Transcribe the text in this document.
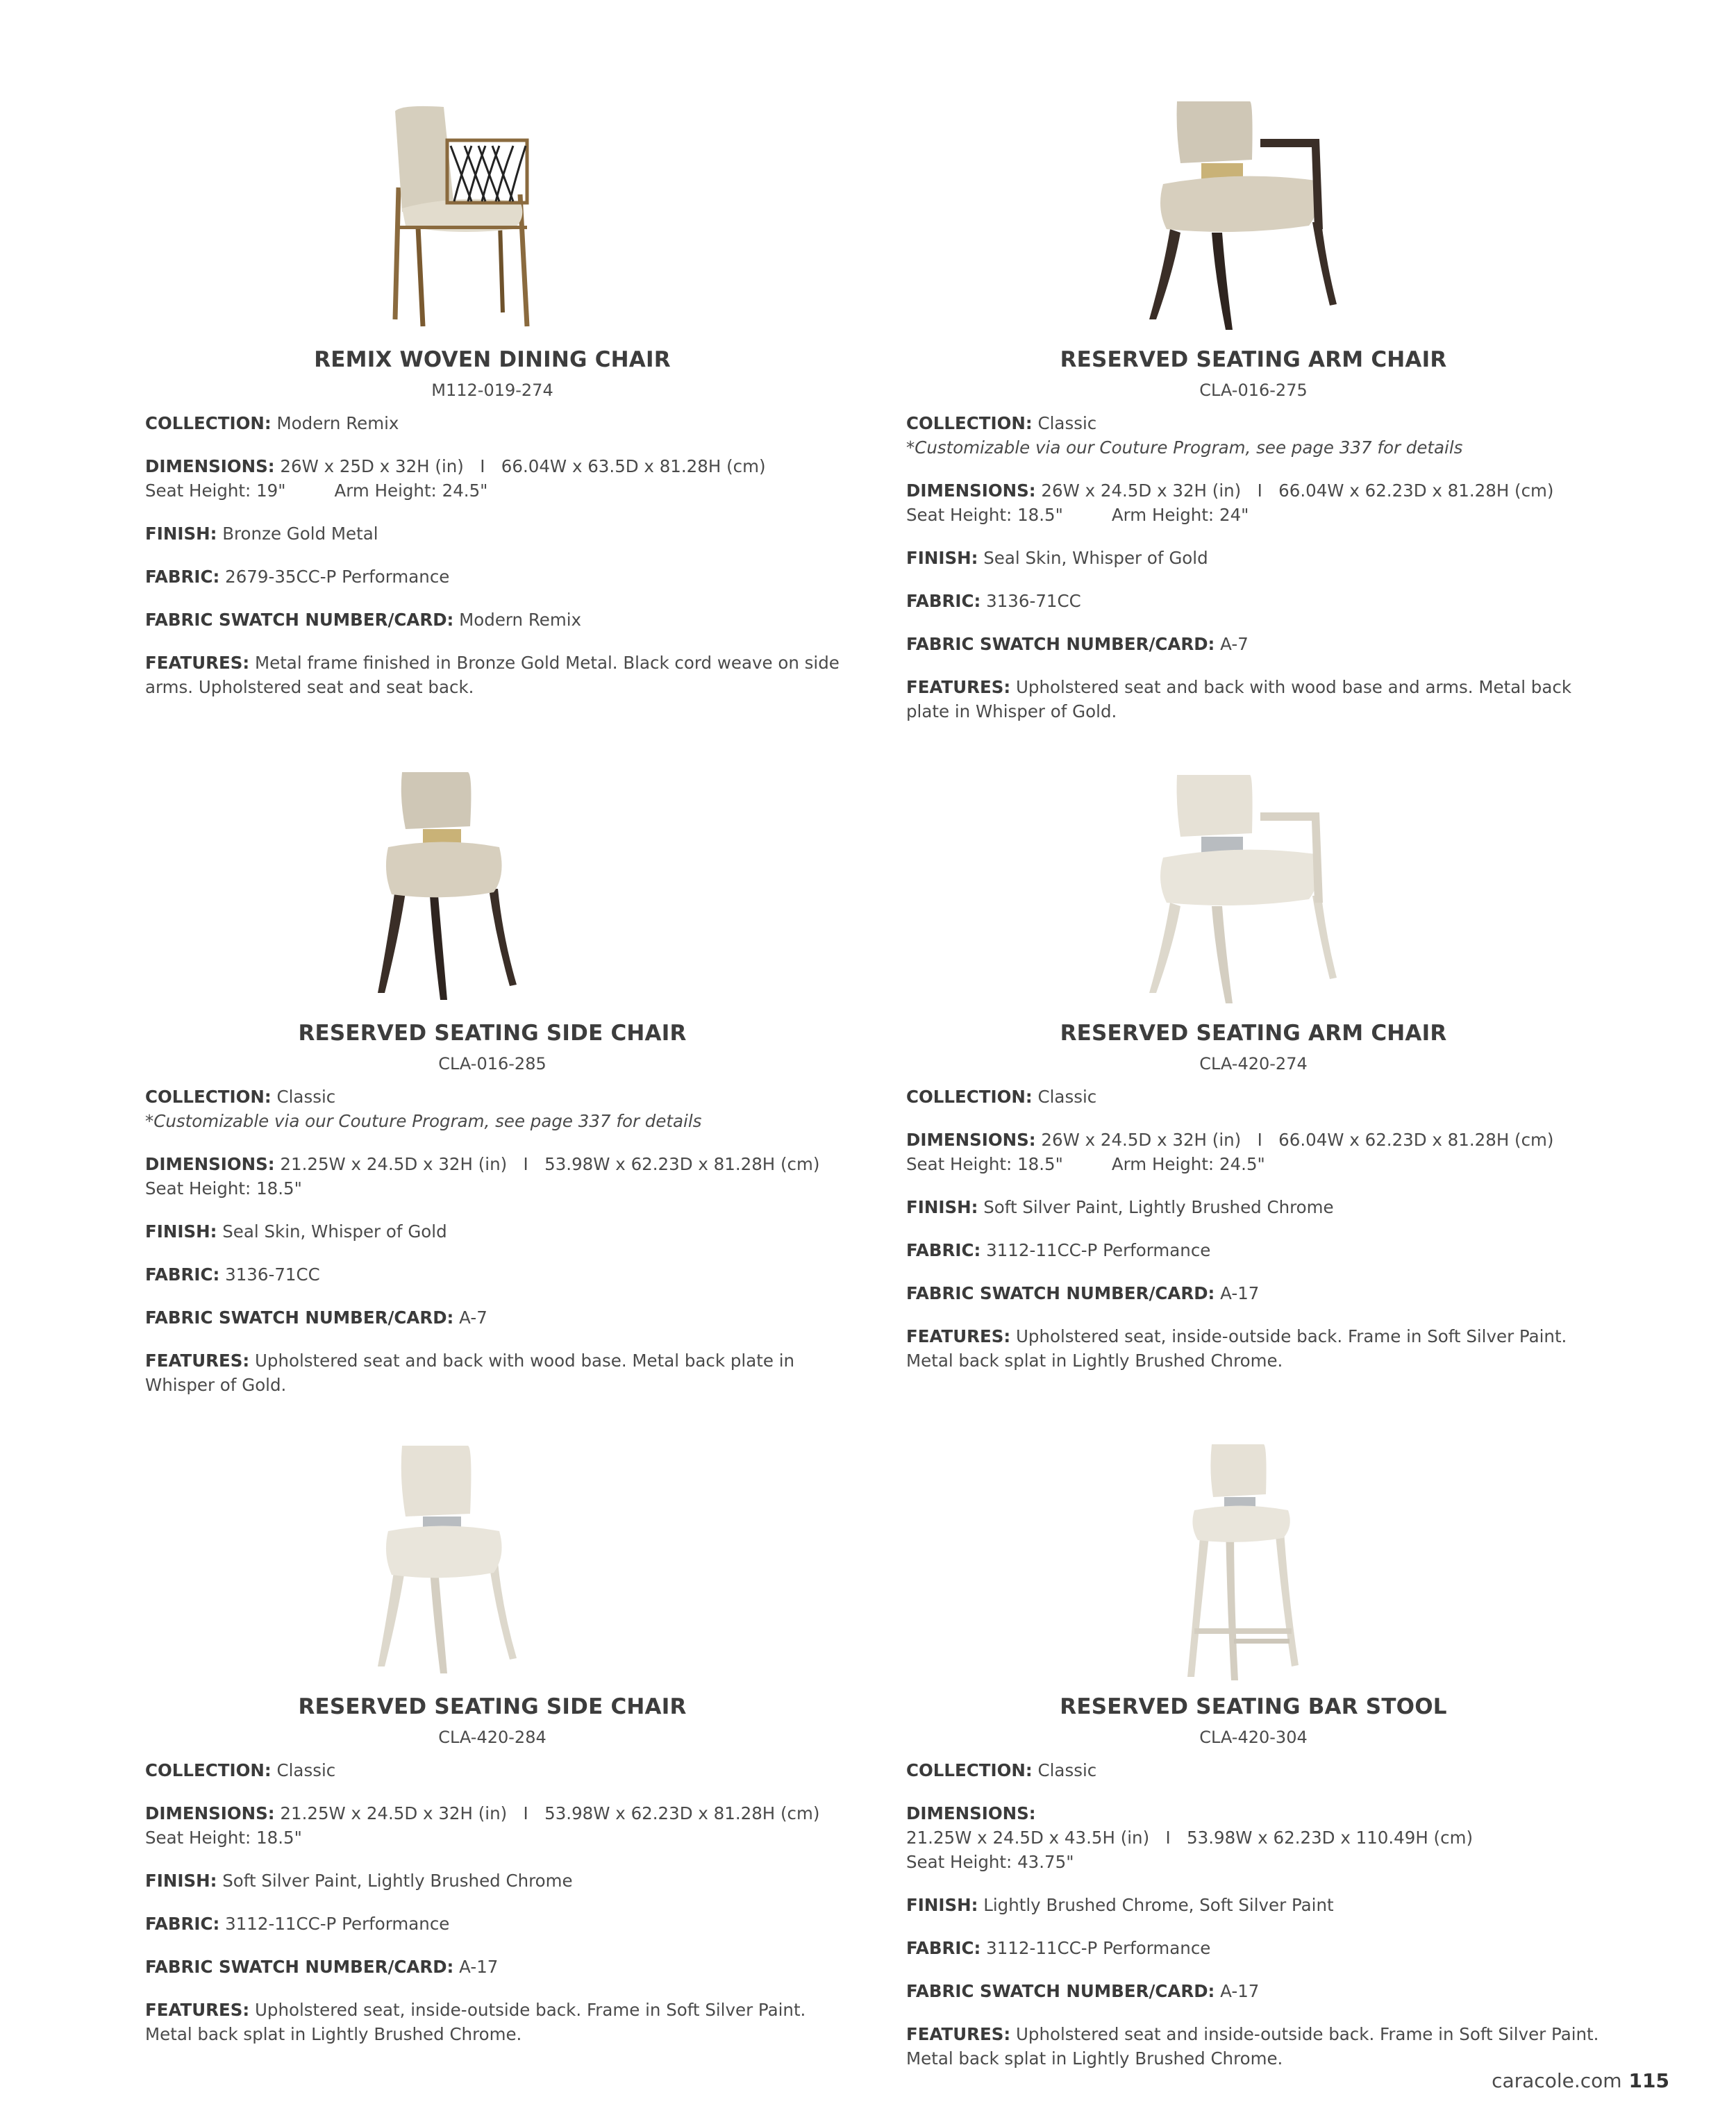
REMIX WOVEN DINING CHAIR
M112-019-274
COLLECTION: Modern Remix
DIMENSIONS: 26W x 25D x 32H (in)   I   66.04W x 63.5D x 81.28H (cm)
Seat Height: 19"	Arm Height: 24.5"
FINISH: Bronze Gold Metal
FABRIC: 2679-35CC-P Performance
FABRIC SWATCH NUMBER/CARD: Modern Remix
FEATURES: Metal frame finished in Bronze Gold Metal. Black cord weave on side arms. Upholstered seat and seat back.
RESERVED SEATING ARM CHAIR
CLA-016-275
COLLECTION: Classic
*Customizable via our Couture Program, see page 337 for details
DIMENSIONS: 26W x 24.5D x 32H (in)   I   66.04W x 62.23D x 81.28H (cm)
Seat Height: 18.5"	Arm Height: 24"
FINISH: Seal Skin, Whisper of Gold
FABRIC: 3136-71CC
FABRIC SWATCH NUMBER/CARD: A-7
FEATURES: Upholstered seat and back with wood base and arms. Metal back plate in Whisper of Gold.
RESERVED SEATING SIDE CHAIR
CLA-016-285
COLLECTION: Classic
*Customizable via our Couture Program, see page 337 for details
DIMENSIONS: 21.25W x 24.5D x 32H (in)   I   53.98W x 62.23D x 81.28H (cm)
Seat Height: 18.5"
FINISH: Seal Skin, Whisper of Gold
FABRIC: 3136-71CC
FABRIC SWATCH NUMBER/CARD: A-7
FEATURES: Upholstered seat and back with wood base. Metal back plate in Whisper of Gold.
RESERVED SEATING ARM CHAIR
CLA-420-274
COLLECTION: Classic
DIMENSIONS: 26W x 24.5D x 32H (in)   I   66.04W x 62.23D x 81.28H (cm)
Seat Height: 18.5"	Arm Height: 24.5"
FINISH: Soft Silver Paint, Lightly Brushed Chrome
FABRIC: 3112-11CC-P Performance
FABRIC SWATCH NUMBER/CARD: A-17
FEATURES: Upholstered seat, inside-outside back. Frame in Soft Silver Paint. Metal back splat in Lightly Brushed Chrome.
RESERVED SEATING SIDE CHAIR
CLA-420-284
COLLECTION: Classic
DIMENSIONS: 21.25W x 24.5D x 32H (in)   I   53.98W x 62.23D x 81.28H (cm)
Seat Height: 18.5"
FINISH: Soft Silver Paint, Lightly Brushed Chrome
FABRIC: 3112-11CC-P Performance
FABRIC SWATCH NUMBER/CARD: A-17
FEATURES: Upholstered seat, inside-outside back. Frame in Soft Silver Paint. Metal back splat in Lightly Brushed Chrome.
RESERVED SEATING BAR STOOL
CLA-420-304
COLLECTION: Classic
DIMENSIONS: 21.25W x 24.5D x 43.5H (in)   I   53.98W x 62.23D x 110.49H (cm)
Seat Height: 43.75"
FINISH: Lightly Brushed Chrome, Soft Silver Paint
FABRIC: 3112-11CC-P Performance
FABRIC SWATCH NUMBER/CARD: A-17
FEATURES: Upholstered seat and inside-outside back. Frame in Soft Silver Paint. Metal back splat in Lightly Brushed Chrome.
caracole.com 115
